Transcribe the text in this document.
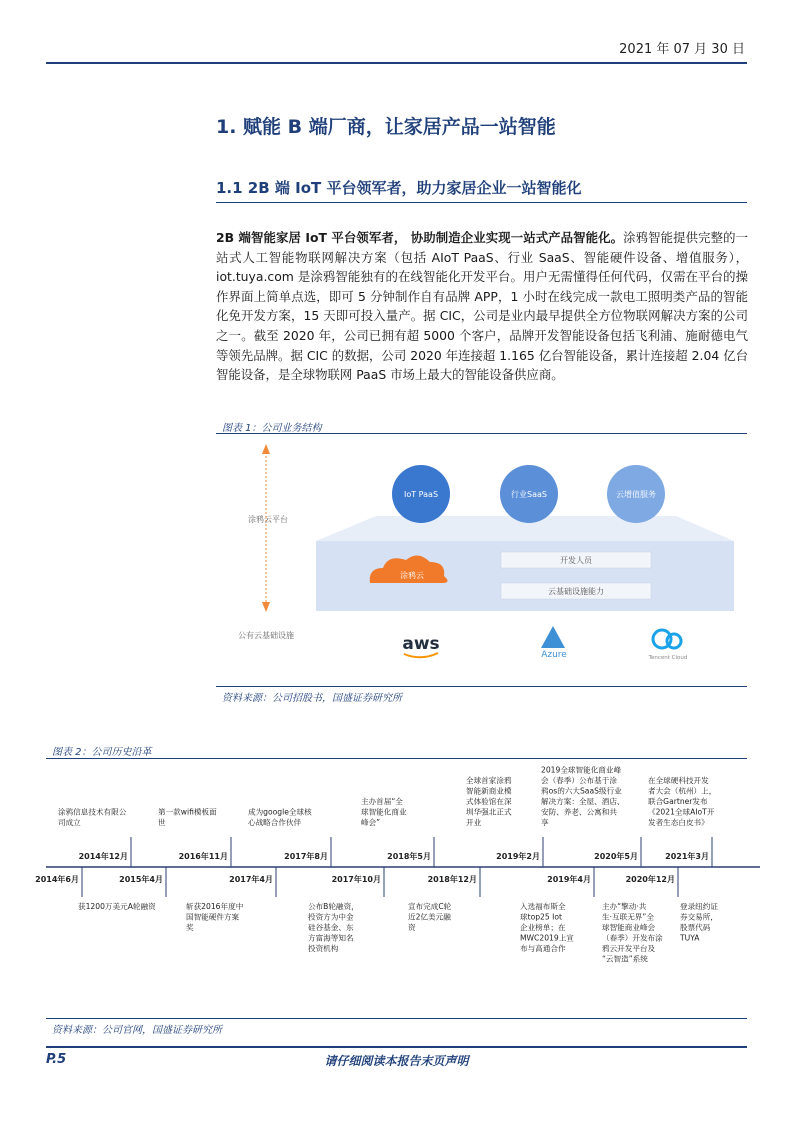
2021 年 07 月 30 日
1. 赋能 B 端厂商，让家居产品一站智能
1.1 2B 端 IoT 平台领军者，助力家居企业一站智能化
2B 端智能家居 IoT 平台领军者， 协助制造企业实现一站式产品智能化。涂鸦智能提供完整的一站式人工智能物联网解决方案（包括 AIoT PaaS、行业 SaaS、智能硬件设备、增值服务），iot.tuya.com 是涂鸦智能独有的在线智能化开发平台。用户无需懂得任何代码，仅需在平台的操作界面上简单点选，即可 5 分钟制作自有品牌 APP，1 小时在线完成一款电工照明类产品的智能化免开发方案，15 天即可投入量产。据 CIC，公司是业内最早提供全方位物联网解决方案的公司之一。截至 2020 年，公司已拥有超 5000 个客户，品牌开发智能设备包括飞利浦、施耐德电气等领先品牌。据 CIC 的数据，公司 2020 年连接超 1.165 亿台智能设备，累计连接超 2.04 亿台智能设备，是全球物联网 PaaS 市场上最大的智能设备供应商。
图表 1：公司业务结构
涂鸦云平台
公有云基础设施
IoT PaaS	行业SaaS	云增值服务
涂鸦云
开发人员
云基础设施能力
aws
Azure	Tencent Cloud
资料来源：公司招股书，国盛证券研究所
图表 2：公司历史沿革
2014年12月
涂鸦信息技术有限公
司成立
2016年11月
第一款wifi模板面
世
2017年8月
成为google全球核
心战略合作伙伴
2018年5月
主办首届“全
球智能化商业
峰会”
2019年2月
全球首家涂鸦
智能新商业模
式体验馆在深
圳华强北正式
开业
2020年5月
2019全球智能化商业峰
会（春季）公布基于涂
鸦os的六大SaaS级行业
解决方案：全屋、酒店、
安防、养老、公寓和共
享
2021年3月
在全球硬科技开发
者大会（杭州）上，
联合Gartner发布
《2021全球AIoT开
发者生态白皮书》
2014年6月
获1200万美元A轮融资
2015年4月
斩获2016年度中
国智能硬件方案
奖
2017年4月
公布B轮融资，
投资方为中金
硅谷基金、东
方富海等知名
投资机构
2017年10月
宣布完成C轮
近2亿美元融
资
2018年12月
入选福布斯全
球top25 Iot
企业榜单；在
MWC2019上宣
布与高通合作
2019年4月
主办“擎动·共
生·互联无界”全
球智能商业峰会
（春季）开发布涂
鸦云开发平台及
“云智造”系统
2020年12月
登录纽约证
券交易所，
股票代码
TUYA
资料来源：公司官网，国盛证券研究所
P.5	请仔细阅读本报告末页声明
